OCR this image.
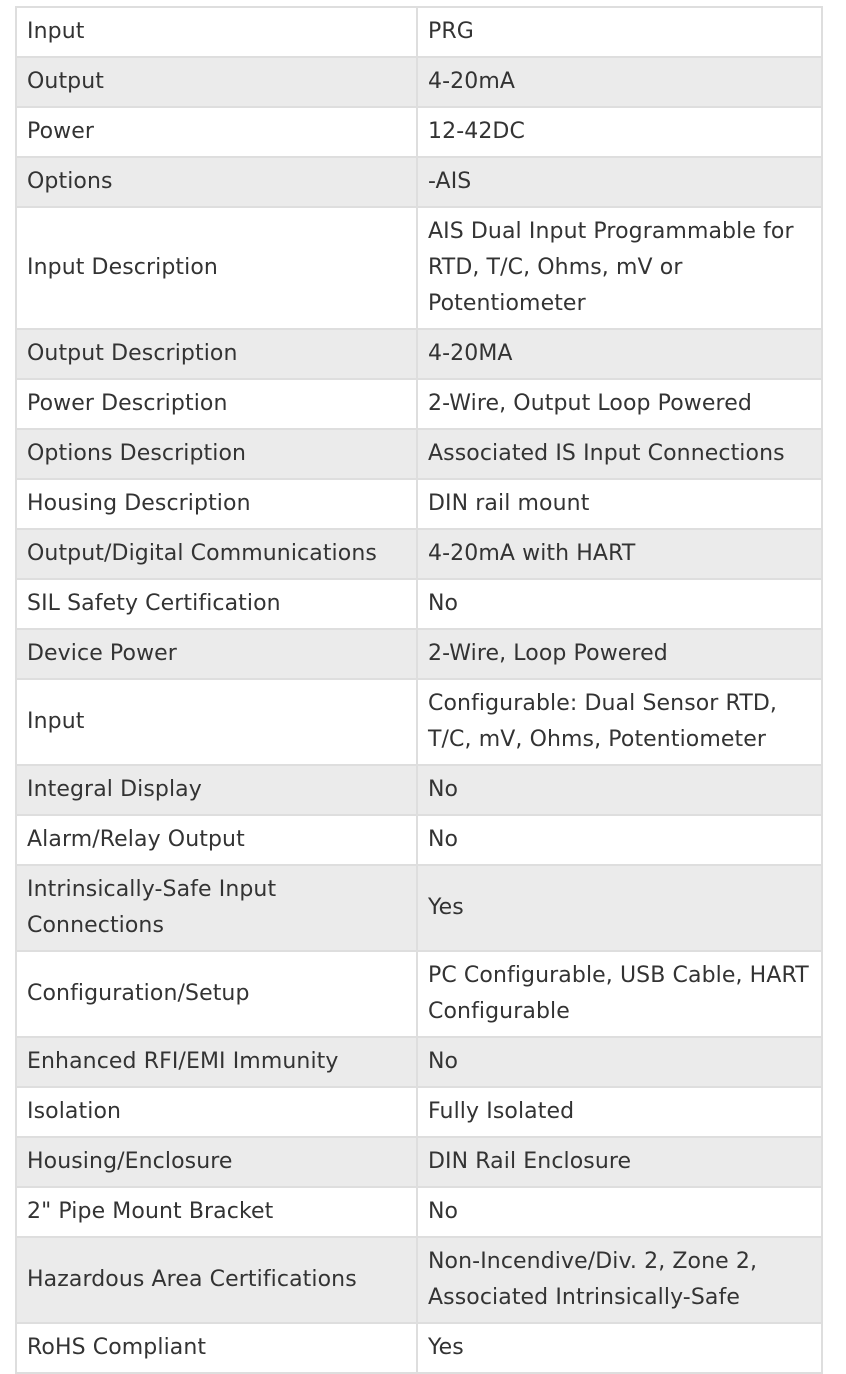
Input	PRG
Output	4-20mA
Power	12-42DC
Options	-AIS
Input Description	AIS Dual Input Programmable for RTD, T/C, Ohms, mV or Potentiometer
Output Description	4-20MA
Power Description	2-Wire, Output Loop Powered
Options Description	Associated IS Input Connections
Housing Description	DIN rail mount
Output/Digital Communications	4-20mA with HART
SIL Safety Certification	No
Device Power	2-Wire, Loop Powered
Input	Configurable: Dual Sensor RTD, T/C, mV, Ohms, Potentiometer
Integral Display	No
Alarm/Relay Output	No
Intrinsically-Safe Input Connections	Yes
Configuration/Setup	PC Configurable, USB Cable, HART Configurable
Enhanced RFI/EMI Immunity	No
Isolation	Fully Isolated
Housing/Enclosure	DIN Rail Enclosure
2" Pipe Mount Bracket	No
Hazardous Area Certifications	Non-Incendive/Div. 2, Zone 2, Associated Intrinsically-Safe
RoHS Compliant	Yes
